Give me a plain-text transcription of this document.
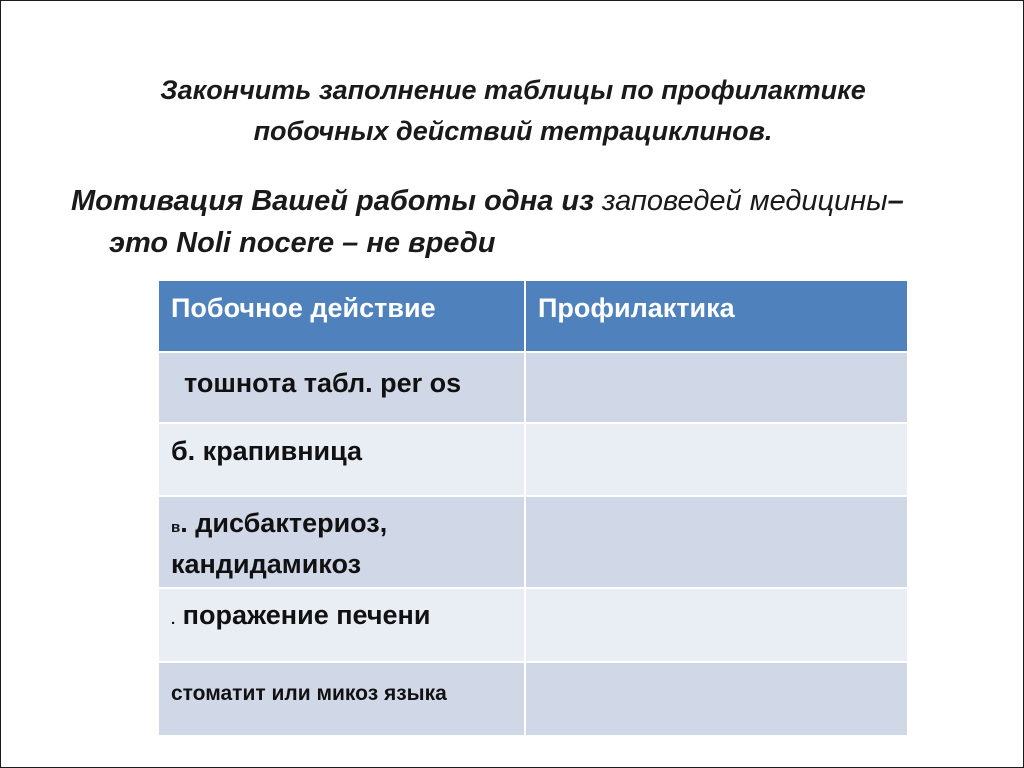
Закончить заполнение таблицы по профилактике
побочных действий тетрациклинов.
Мотивация Вашей работы одна из заповедей медицины–
это Noli nocere – не вреди
Побочное действие	Профилактика
тошнота табл. per os
б. крапивница
в. дисбактериоз, кандидамикоз
. поражение печени
стоматит или микоз языка
